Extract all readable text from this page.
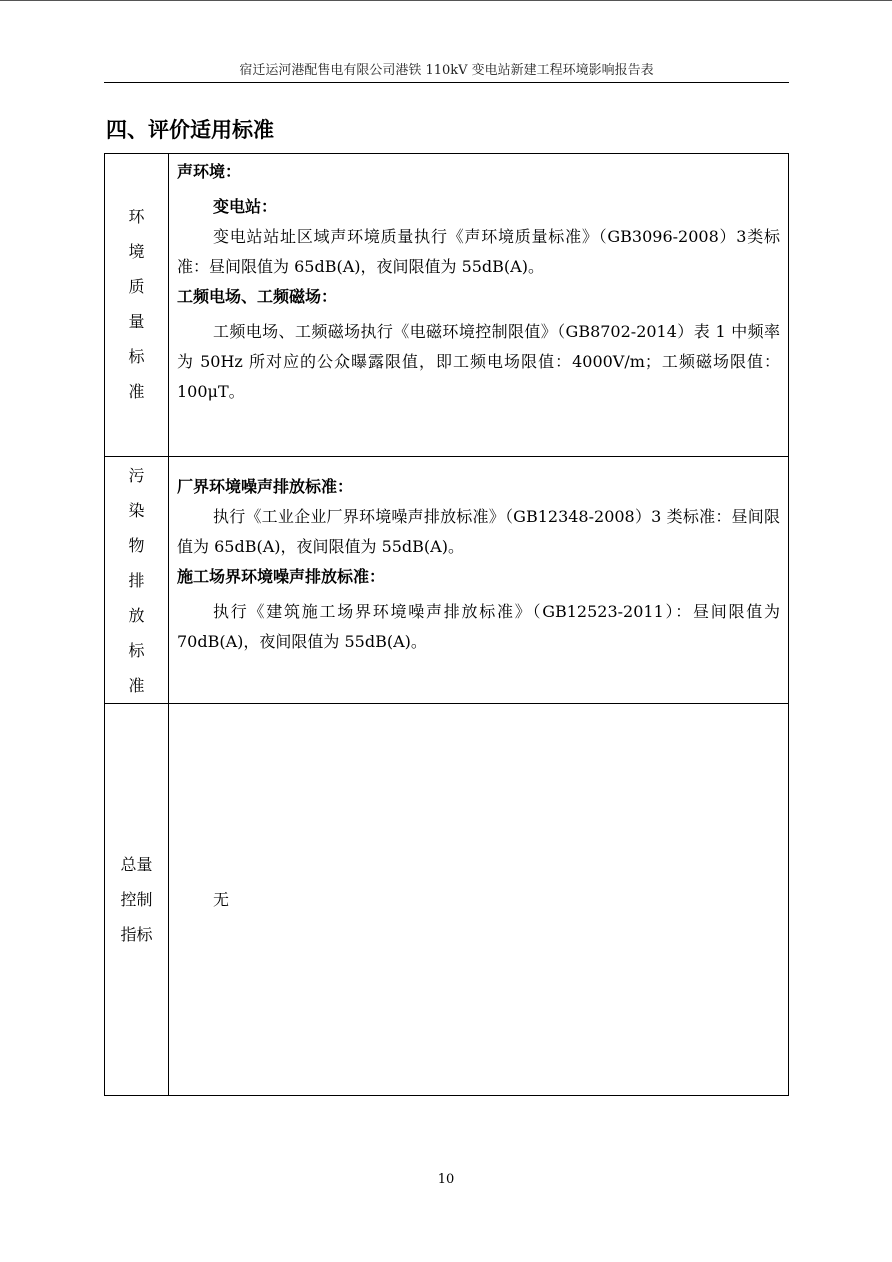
宿迁运河港配售电有限公司港铁 110kV 变电站新建工程环境影响报告表
四、评价适用标准
环境质量标准

声环境：

变电站：

变电站站址区域声环境质量执行《声环境质量标准》（GB3096-2008）3类标准：昼间限值为 65dB(A)，夜间限值为 55dB(A)。

工频电场、工频磁场：

工频电场、工频磁场执行《电磁环境控制限值》（GB8702-2014）表 1 中频率为 50Hz 所对应的公众曝露限值，即工频电场限值：4000V/m；工频磁场限值：100μT。

污染物排放标准

厂界环境噪声排放标准：

执行《工业企业厂界环境噪声排放标准》（GB12348-2008）3 类标准：昼间限值为 65dB(A)，夜间限值为 55dB(A)。

施工场界环境噪声排放标准：

执行《建筑施工场界环境噪声排放标准》（GB12523-2011）：昼间限值为 70dB(A)，夜间限值为 55dB(A)。

总量控制指标

无

10
